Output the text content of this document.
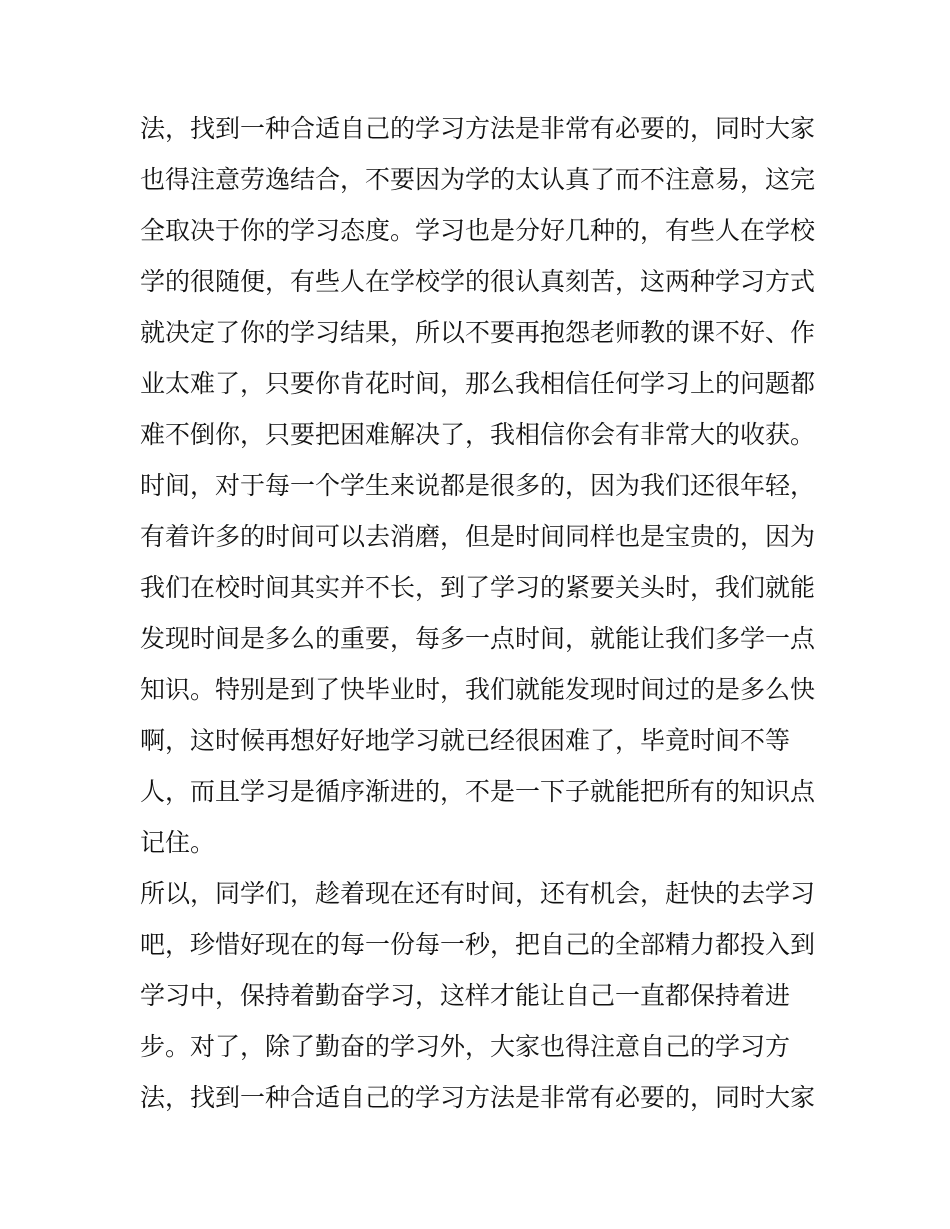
法，找到一种合适自己的学习方法是非常有必要的，同时大家
也得注意劳逸结合，不要因为学的太认真了而不注意易，这完
全取决于你的学习态度。学习也是分好几种的，有些人在学校
学的很随便，有些人在学校学的很认真刻苦，这两种学习方式
就决定了你的学习结果，所以不要再抱怨老师教的课不好、作
业太难了，只要你肯花时间，那么我相信任何学习上的问题都
难不倒你，只要把困难解决了，我相信你会有非常大的收获。
时间，对于每一个学生来说都是很多的，因为我们还很年轻，
有着许多的时间可以去消磨，但是时间同样也是宝贵的，因为
我们在校时间其实并不长，到了学习的紧要关头时，我们就能
发现时间是多么的重要，每多一点时间，就能让我们多学一点
知识。特别是到了快毕业时，我们就能发现时间过的是多么快
啊，这时候再想好好地学习就已经很困难了，毕竟时间不等
人，而且学习是循序渐进的，不是一下子就能把所有的知识点
记住。
所以，同学们，趁着现在还有时间，还有机会，赶快的去学习
吧，珍惜好现在的每一份每一秒，把自己的全部精力都投入到
学习中，保持着勤奋学习，这样才能让自己一直都保持着进
步。对了，除了勤奋的学习外，大家也得注意自己的学习方
法，找到一种合适自己的学习方法是非常有必要的，同时大家
